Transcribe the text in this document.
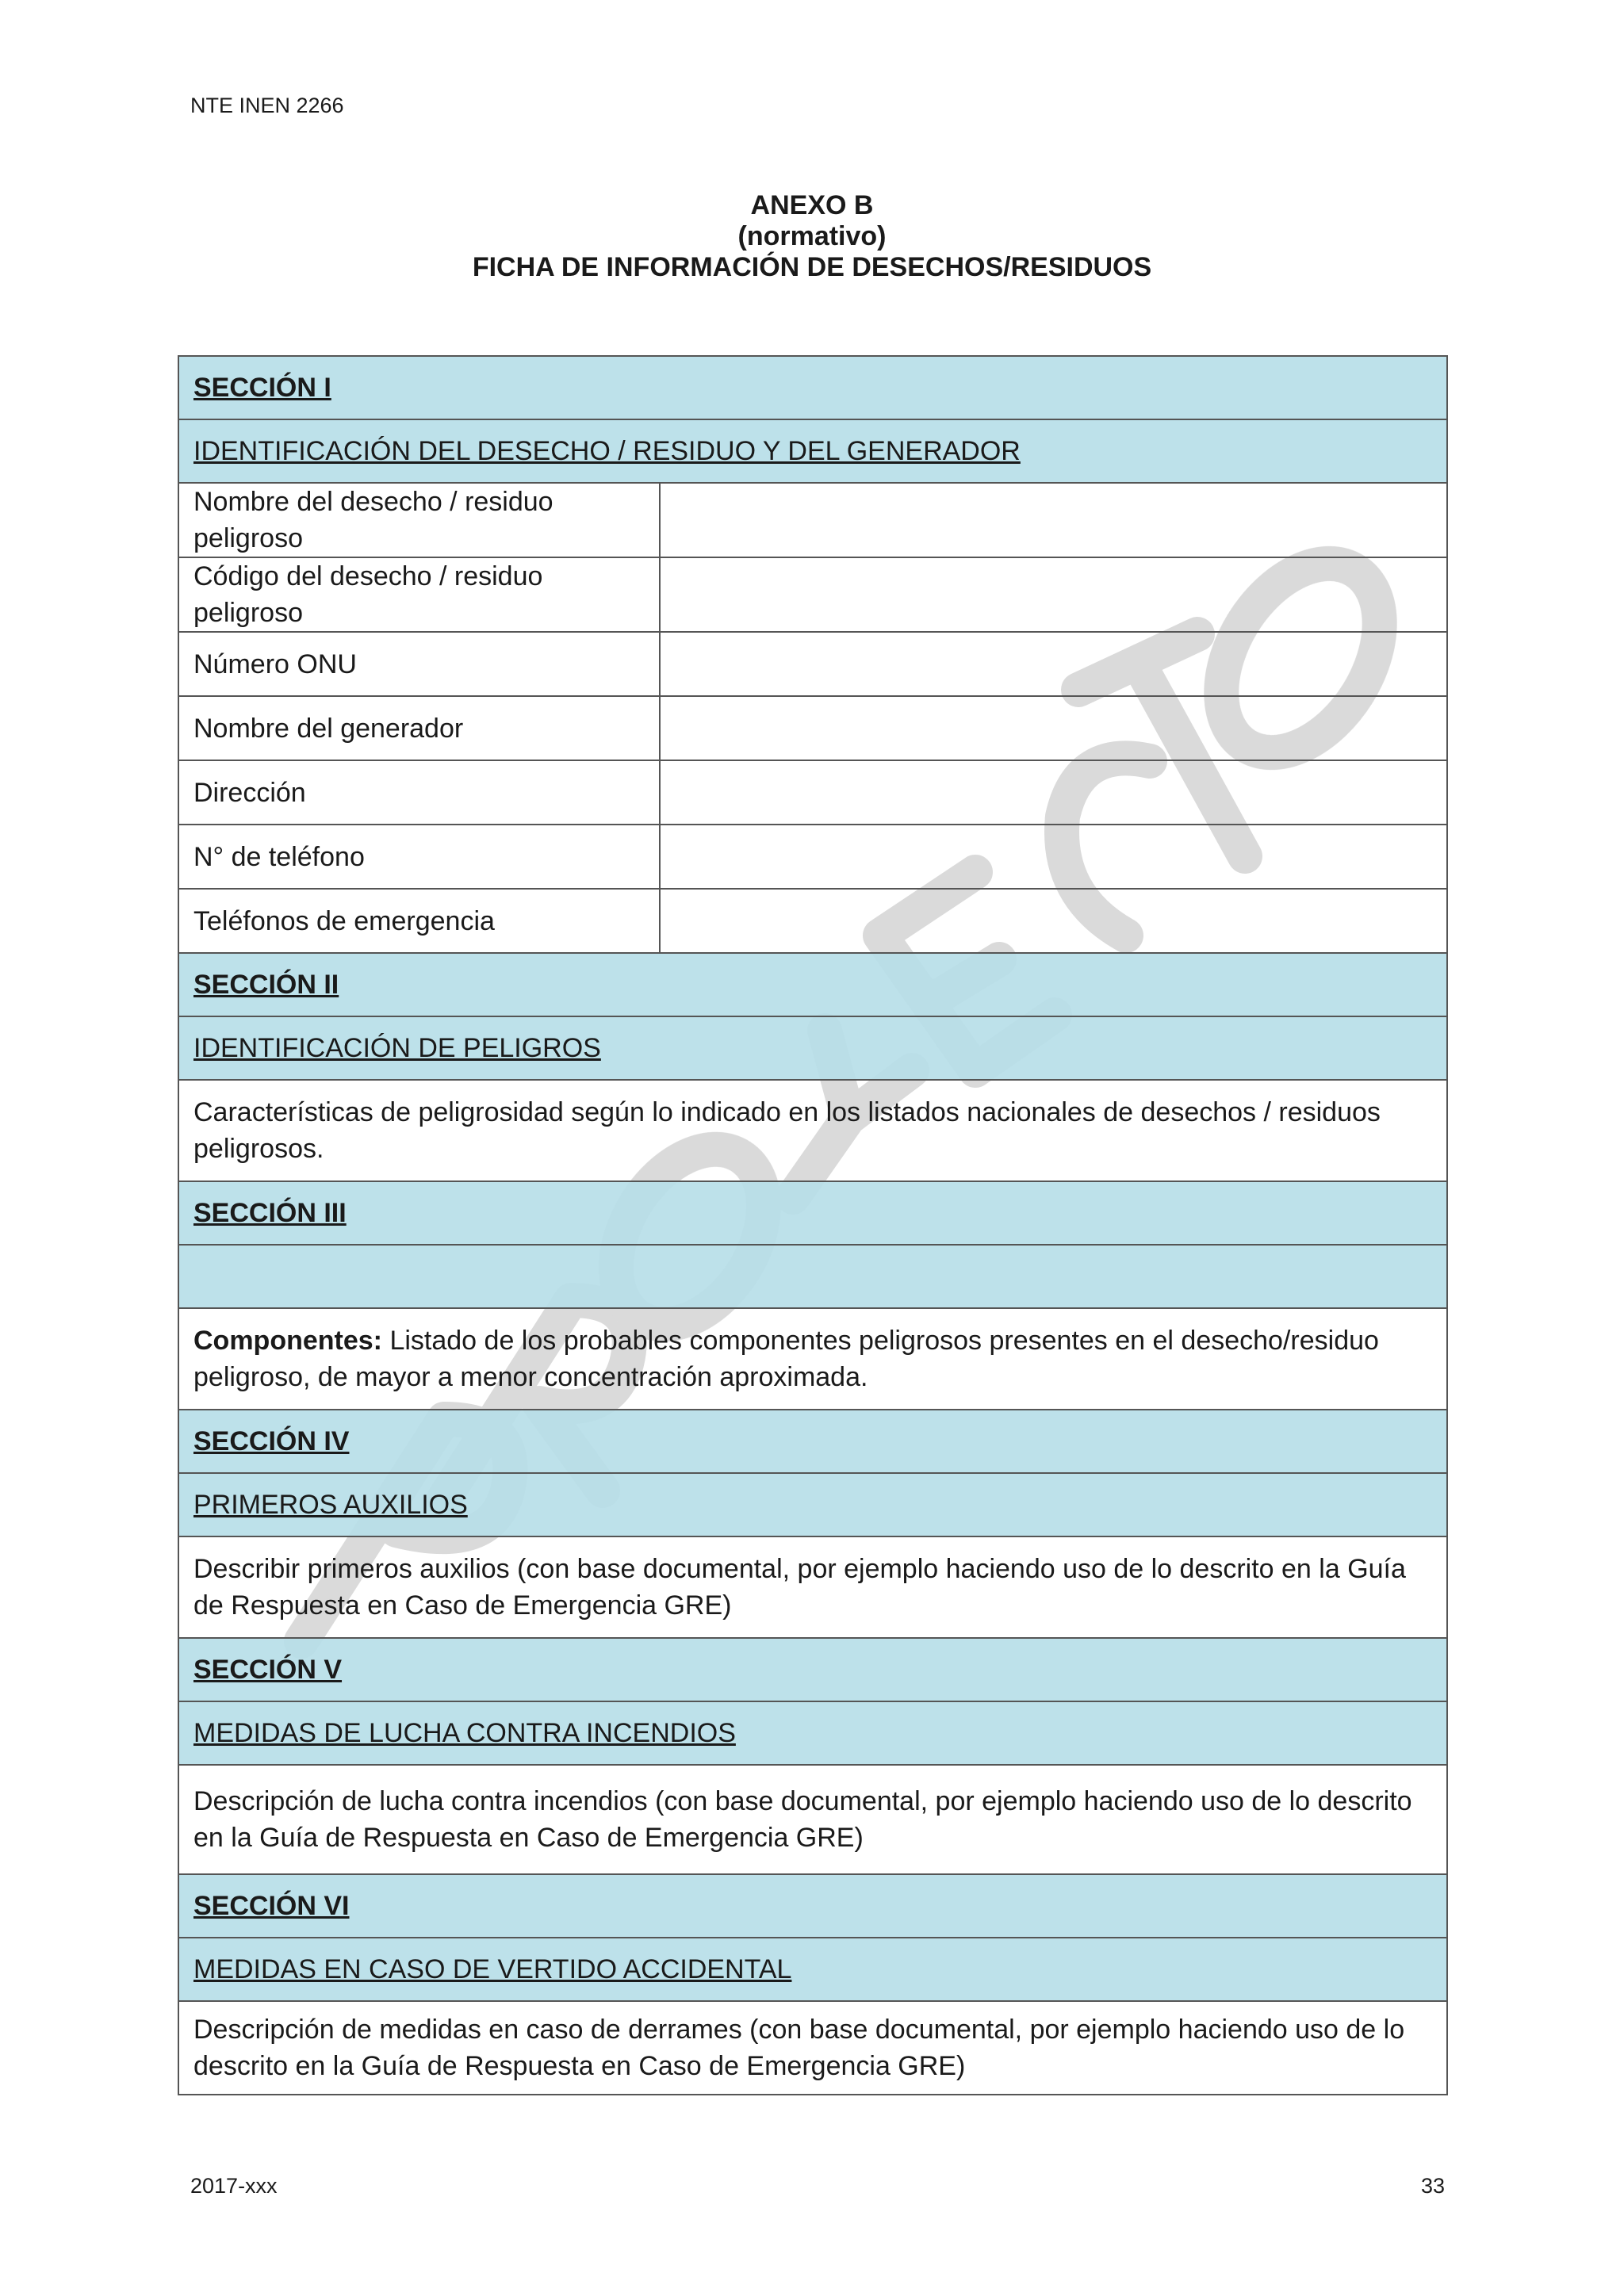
NTE INEN 2266
ANEXO B
(normativo)
FICHA DE INFORMACIÓN DE DESECHOS/RESIDUOS
SECCIÓN I	
IDENTIFICACIÓN DEL DESECHO / RESIDUO Y DEL GENERADOR	
Nombre del desecho / residuo peligroso	
Código del desecho / residuo peligroso	
Número ONU	
Nombre del generador	
Dirección	
N° de teléfono	
Teléfonos de emergencia	
SECCIÓN II	
IDENTIFICACIÓN DE PELIGROS	
Características de peligrosidad según lo indicado en los listados nacionales de desechos / residuos peligrosos.	
SECCIÓN III	

Componentes: Listado de los probables componentes peligrosos presentes en el desecho/residuo peligroso, de mayor a menor concentración aproximada.	
SECCIÓN IV	
PRIMEROS AUXILIOS	
Describir primeros auxilios (con base documental, por ejemplo haciendo uso de lo descrito en la Guía de Respuesta en Caso de Emergencia GRE)	
SECCIÓN V	
MEDIDAS DE LUCHA CONTRA INCENDIOS	
Descripción de lucha contra incendios (con base documental, por ejemplo haciendo uso de lo descrito en la Guía de Respuesta en Caso de Emergencia GRE)	
SECCIÓN VI	
MEDIDAS EN CASO DE VERTIDO ACCIDENTAL	
Descripción de medidas en caso de derrames (con base documental, por ejemplo haciendo uso de lo descrito en la Guía de Respuesta en Caso de Emergencia GRE)	
2017-xxx	33
